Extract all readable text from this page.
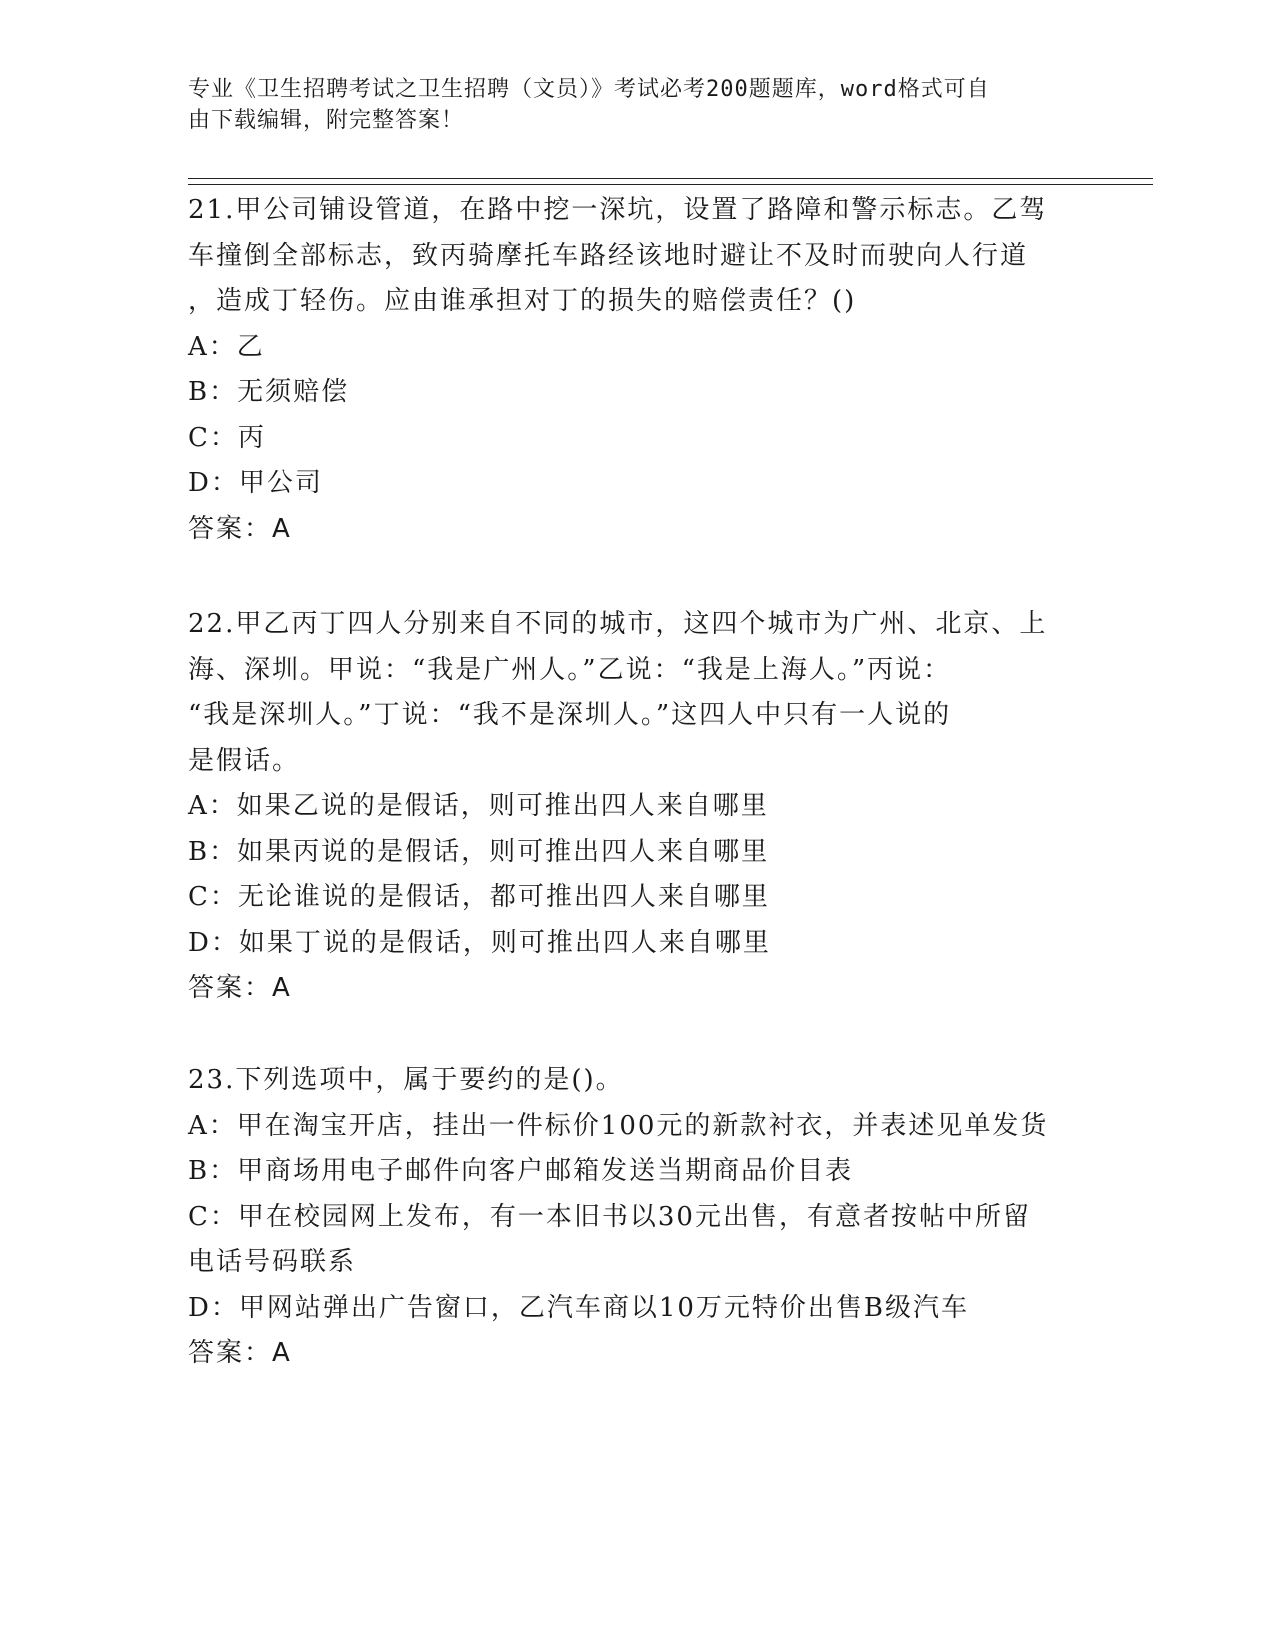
专业《卫生招聘考试之卫生招聘（文员）》考试必考200题题库，word格式可自
由下载编辑，附完整答案！

21.甲公司铺设管道，在路中挖一深坑，设置了路障和警示标志。乙驾

车撞倒全部标志，致丙骑摩托车路经该地时避让不及时而驶向人行道

，造成丁轻伤。应由谁承担对丁的损失的赔偿责任？()

A：乙

B：无须赔偿

C：丙

D：甲公司

答案：A

22.甲乙丙丁四人分别来自不同的城市，这四个城市为广州、北京、上

海、深圳。甲说：“我是广州人。”乙说：“我是上海人。”丙说：

“我是深圳人。”丁说：“我不是深圳人。”这四人中只有一人说的

是假话。

A：如果乙说的是假话，则可推出四人来自哪里

B：如果丙说的是假话，则可推出四人来自哪里

C：无论谁说的是假话，都可推出四人来自哪里

D：如果丁说的是假话，则可推出四人来自哪里

答案：A

23.下列选项中，属于要约的是()。

A：甲在淘宝开店，挂出一件标价100元的新款衬衣，并表述见单发货

B：甲商场用电子邮件向客户邮箱发送当期商品价目表

C：甲在校园网上发布，有一本旧书以30元出售，有意者按帖中所留

电话号码联系

D：甲网站弹出广告窗口，乙汽车商以10万元特价出售B级汽车

答案：A
